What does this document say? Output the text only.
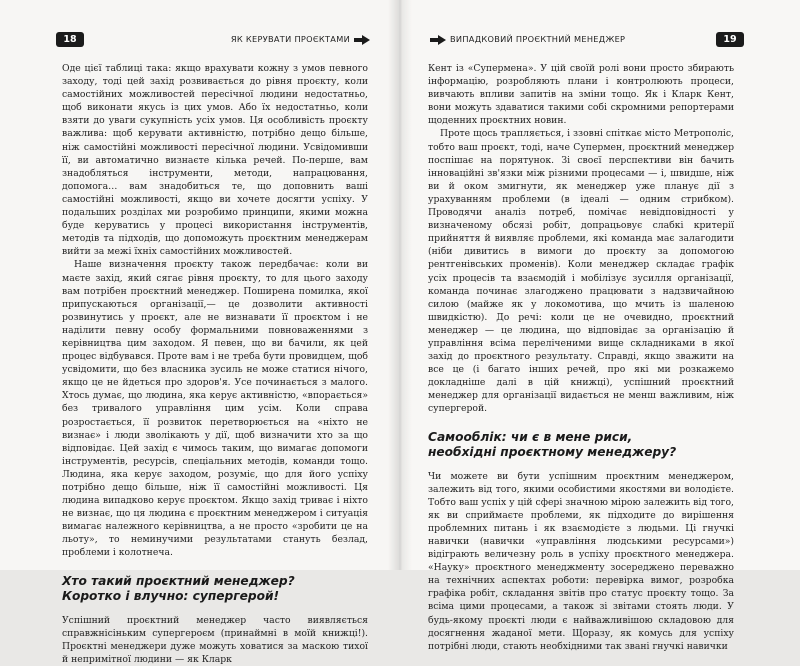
18	ЯК КЕРУВАТИ ПРОЄКТАМИ

Оде цієї таблиці така: якщо врахувати кожну з умов певного заходу, тоді цей захід розвивається до рівня проєкту, коли самостійних можливостей пересічної людини недостатньо, щоб виконати якусь із цих умов. Або їх недостатньо, коли взяти до уваги сукупність усіх умов. Ця особливість проєкту важлива: щоб керувати активністю, потрібно дещо більше, ніж самостійні можливості пересічної людини. Усвідомивши її, ви автоматично визнаєте кілька речей. По-перше, вам знадобляться інструменти, методи, напрацювання, допомога… вам знадобиться те, що доповнить ваші самостійні можливості, якщо ви хочете досягти успіху. У подальших розділах ми розробимо принципи, якими можна буде керуватись у процесі використання інструментів, методів та підходів, що допоможуть проєктним менеджерам вийти за межі їхніх самостійних можливостей.

Наше визначення проєкту також передбачає: коли ви маєте захід, який сягає рівня проєкту, то для цього заходу вам потрібен проєктний менеджер. Поширена помилка, якої припускаються організації,— це дозволити активності розвинутись у проєкт, але не визнавати її проєктом і не наділити певну особу формальними повноваженнями з керівництва цим заходом. Я певен, що ви бачили, як цей процес відбувався. Проте вам і не треба бути провидцем, щоб усвідомити, що без власника зусиль не може статися нічого, якщо це не йдеться про здоров'я. Усе починається з малого. Хтось думає, що людина, яка керує активністю, «впорається» без тривалого управління цим усім. Коли справа розростається, її розвиток перетворюється на «ніхто не визнає» і люди зволікають у дії, щоб визначити хто за що відповідає. Цей захід є чимось таким, що вимагає допомоги інструментів, ресурсів, спеціальних методів, команди тощо. Людина, яка керує заходом, розуміє, що для його успіху потрібно дещо більше, ніж її самостійні можливості. Ця людина випадково керує проєктом. Якщо захід триває і ніхто не визнає, що ця людина є проєктним менеджером і ситуація вимагає належного керівництва, а не просто «зробити це на льоту», то неминучими результатами стануть безлад, проблеми і колотнеча.

Хто такий проєктний менеджер?
Коротко і влучно: супергерой!

Успішний проєктний менеджер часто виявляється справжнісіньким супергероєм (принаймні в моїй книжці!). Проєктні менеджери дуже можуть ховатися за маскою тихої й непримітної людини — як Кларк

ВИПАДКОВИЙ ПРОЄКТНИЙ МЕНЕДЖЕР	19

Кент із «Супермена». У цій своїй ролі вони просто збирають інформацію, розробляють плани і контролюють процеси, вивчають впливи запитів на зміни тощо. Як і Кларк Кент, вони можуть здаватися такими собі скромними репортерами щоденних проєктних новин.

Проте щось трапляється, і ззовні спіткає місто Метрополіс, тобто ваш проєкт, тоді, наче Супермен, проєктний менеджер поспішає на порятунок. Зі своєї перспективи він бачить інноваційні зв'язки між різними процесами — і, швидше, ніж ви й оком змигнути, як менеджер уже планує дії з урахуванням проблеми (в ідеалі — одним стрибком). Проводячи аналіз потреб, помічає невідповідності у визначеному обсязі робіт, допрацьовує слабкі критерії прийняття й виявляє проблеми, які команда має залагодити (ніби дивитись в вимоги до проєкту за допомогою рентгенівських променів). Коли менеджер складає графік усіх процесів та взаємодій і мобілізує зусилля організації, команда починає злагоджено працювати з надзвичайною силою (майже як у локомотива, що мчить із шаленою швидкістю). До речі: коли це не очевидно, проєктний менеджер — це людина, що відповідає за організацію й управління всіма переліченими вище складниками в якої захід до проєктного результату. Справді, якщо зважити на все це (і багато інших речей, про які ми розкажемо докладніше далі в цій книжці), успішний проєктний менеджер для організації видається не менш важливим, ніж супергерой.

Самооблік: чи є в мене риси,
необхідні проєктному менеджеру?

Чи можете ви бути успішним проєктним менеджером, залежить від того, якими особистими якостями ви володієте. Тобто ваш успіх у цій сфері значною мірою залежить від того, як ви сприймаєте проблеми, як підходите до вирішення проблемних питань і як взаємодієте з людьми. Ці гнучкі навички (навички «управління людськими ресурсами») відіграють величезну роль в успіху проєктного менеджера. «Науку» проєктного менеджменту зосереджено переважно на технічних аспектах роботи: перевірка вимог, розробка графіка робіт, складання звітів про статус проєкту тощо. За всіма цими процесами, а також зі звітами стоять люди. У будь-якому проєкті люди є найважливішою складовою для досягнення жаданої мети. Щоразу, як комусь для успіху потрібні люди, стають необхідними так звані гнучкі навички
